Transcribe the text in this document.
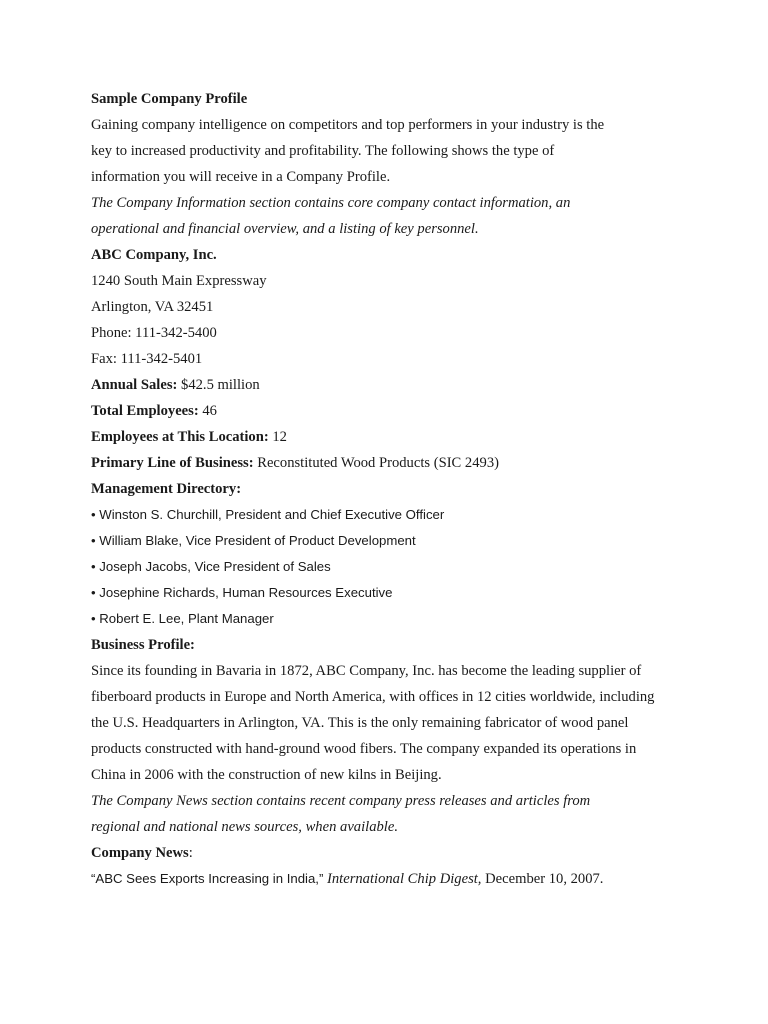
Sample Company Profile
Gaining company intelligence on competitors and top performers in your industry is the
key to increased productivity and profitability. The following shows the type of
information you will receive in a Company Profile.
The Company Information section contains core company contact information, an
operational and financial overview, and a listing of key personnel.
ABC Company, Inc.
1240 South Main Expressway
Arlington, VA 32451
Phone: 111-342-5400
Fax: 111-342-5401
Annual Sales: $42.5 million
Total Employees: 46
Employees at This Location: 12
Primary Line of Business: Reconstituted Wood Products (SIC 2493)
Management Directory:
• Winston S. Churchill, President and Chief Executive Officer
• William Blake, Vice President of Product Development
• Joseph Jacobs, Vice President of Sales
• Josephine Richards, Human Resources Executive
• Robert E. Lee, Plant Manager
Business Profile:
Since its founding in Bavaria in 1872, ABC Company, Inc. has become the leading supplier of
fiberboard products in Europe and North America, with offices in 12 cities worldwide, including
the U.S. Headquarters in Arlington, VA. This is the only remaining fabricator of wood panel
products constructed with hand-ground wood fibers. The company expanded its operations in
China in 2006 with the construction of new kilns in Beijing.
The Company News section contains recent company press releases and articles from
regional and national news sources, when available.
Company News:
“ABC Sees Exports Increasing in India,” International Chip Digest, December 10, 2007.
